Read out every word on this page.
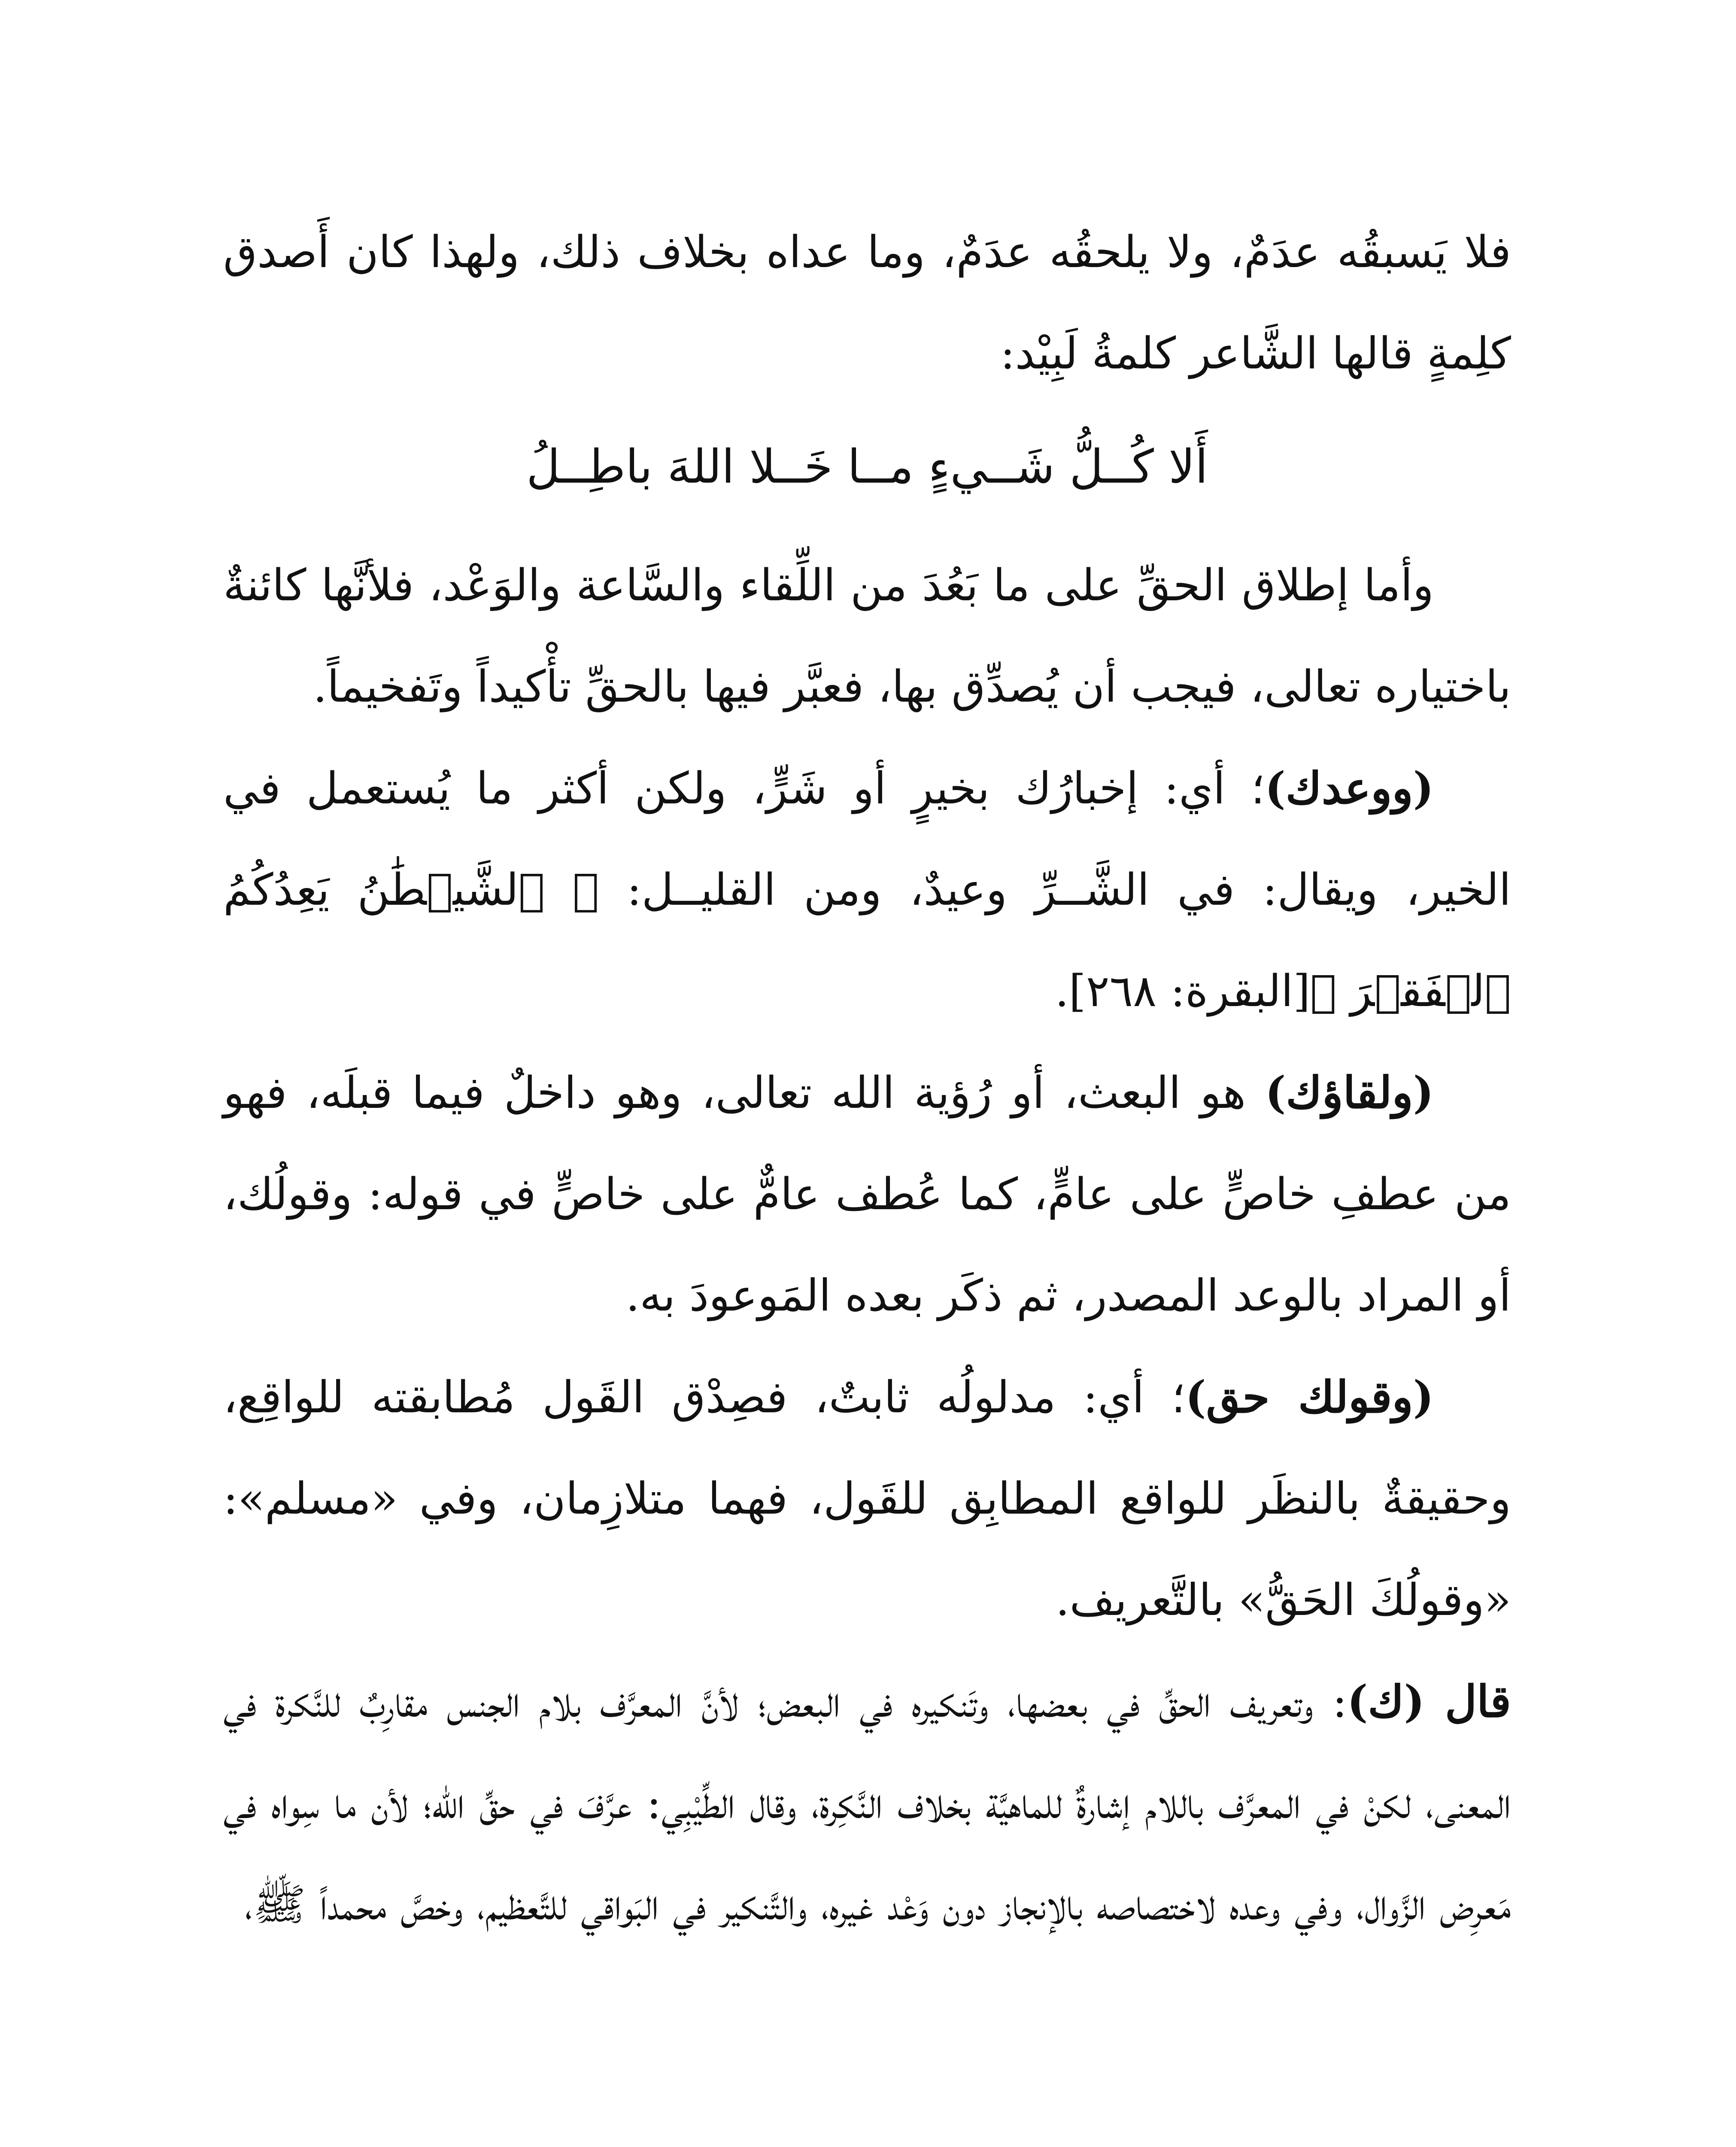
فلا يَسبقُه عدَمٌ، ولا يلحقُه عدَمٌ، وما عداه بخلاف ذلك، ولهذا كان أَصدق كلِمةٍ قالها الشَّاعر كلمةُ لَبِيْد:

أَلا كُــلُّ شَــيءٍ مــا خَــلا اللهَ باطِــلُ

وأما إطلاق الحقِّ على ما بَعُدَ من اللِّقاء والسَّاعة والوَعْد، فلأنَّها كائنةٌ باختياره تعالى، فيجب أن يُصدِّق بها، فعبَّر فيها بالحقِّ تأْكيداً وتَفخيماً.

(ووعدك)؛ أي: إخبارُك بخيرٍ أو شَرٍّ، ولكن أكثر ما يُستعمل في الخير، ويقال: في الشَّــرِّ وعيدٌ، ومن القليــل: ﴿ ٱلشَّيۡطَٰنُ يَعِدُكُمُ ٱلۡفَقۡرَ ﴾[البقرة: ٢٦٨].

(ولقاؤك) هو البعث، أو رُؤية الله تعالى، وهو داخلٌ فيما قبلَه، فهو من عطفِ خاصٍّ على عامٍّ، كما عُطف عامٌّ على خاصٍّ في قوله: وقولُك، أو المراد بالوعد المصدر، ثم ذكَر بعده المَوعودَ به.

(وقولك حق)؛ أي: مدلولُه ثابتٌ، فصِدْق القَول مُطابقته للواقِع، وحقيقةٌ بالنظَر للواقع المطابِق للقَول، فهما متلازِمان، وفي «مسلم»: «وقولُكَ الحَقُّ» بالتَّعريف.

قال (ك): وتعريف الحقِّ في بعضها، وتَنكيره في البعض؛ لأنَّ المعرَّف بلام الجنس مقارِبٌ للنَّكرة في المعنى، لكنْ في المعرَّف باللام إشارةٌ للماهيَّة بخلاف النَّكِرة، وقال الطِّيْبِي: عرَّفَ في حقِّ الله؛ لأن ما سِواه في مَعرِض الزَّوال، وفي وعده لاختصاصه بالإنجاز دون وَعْد غيره، والتَّنكير في البَواقي للتَّعظيم، وخصَّ محمداً ﷺ،
